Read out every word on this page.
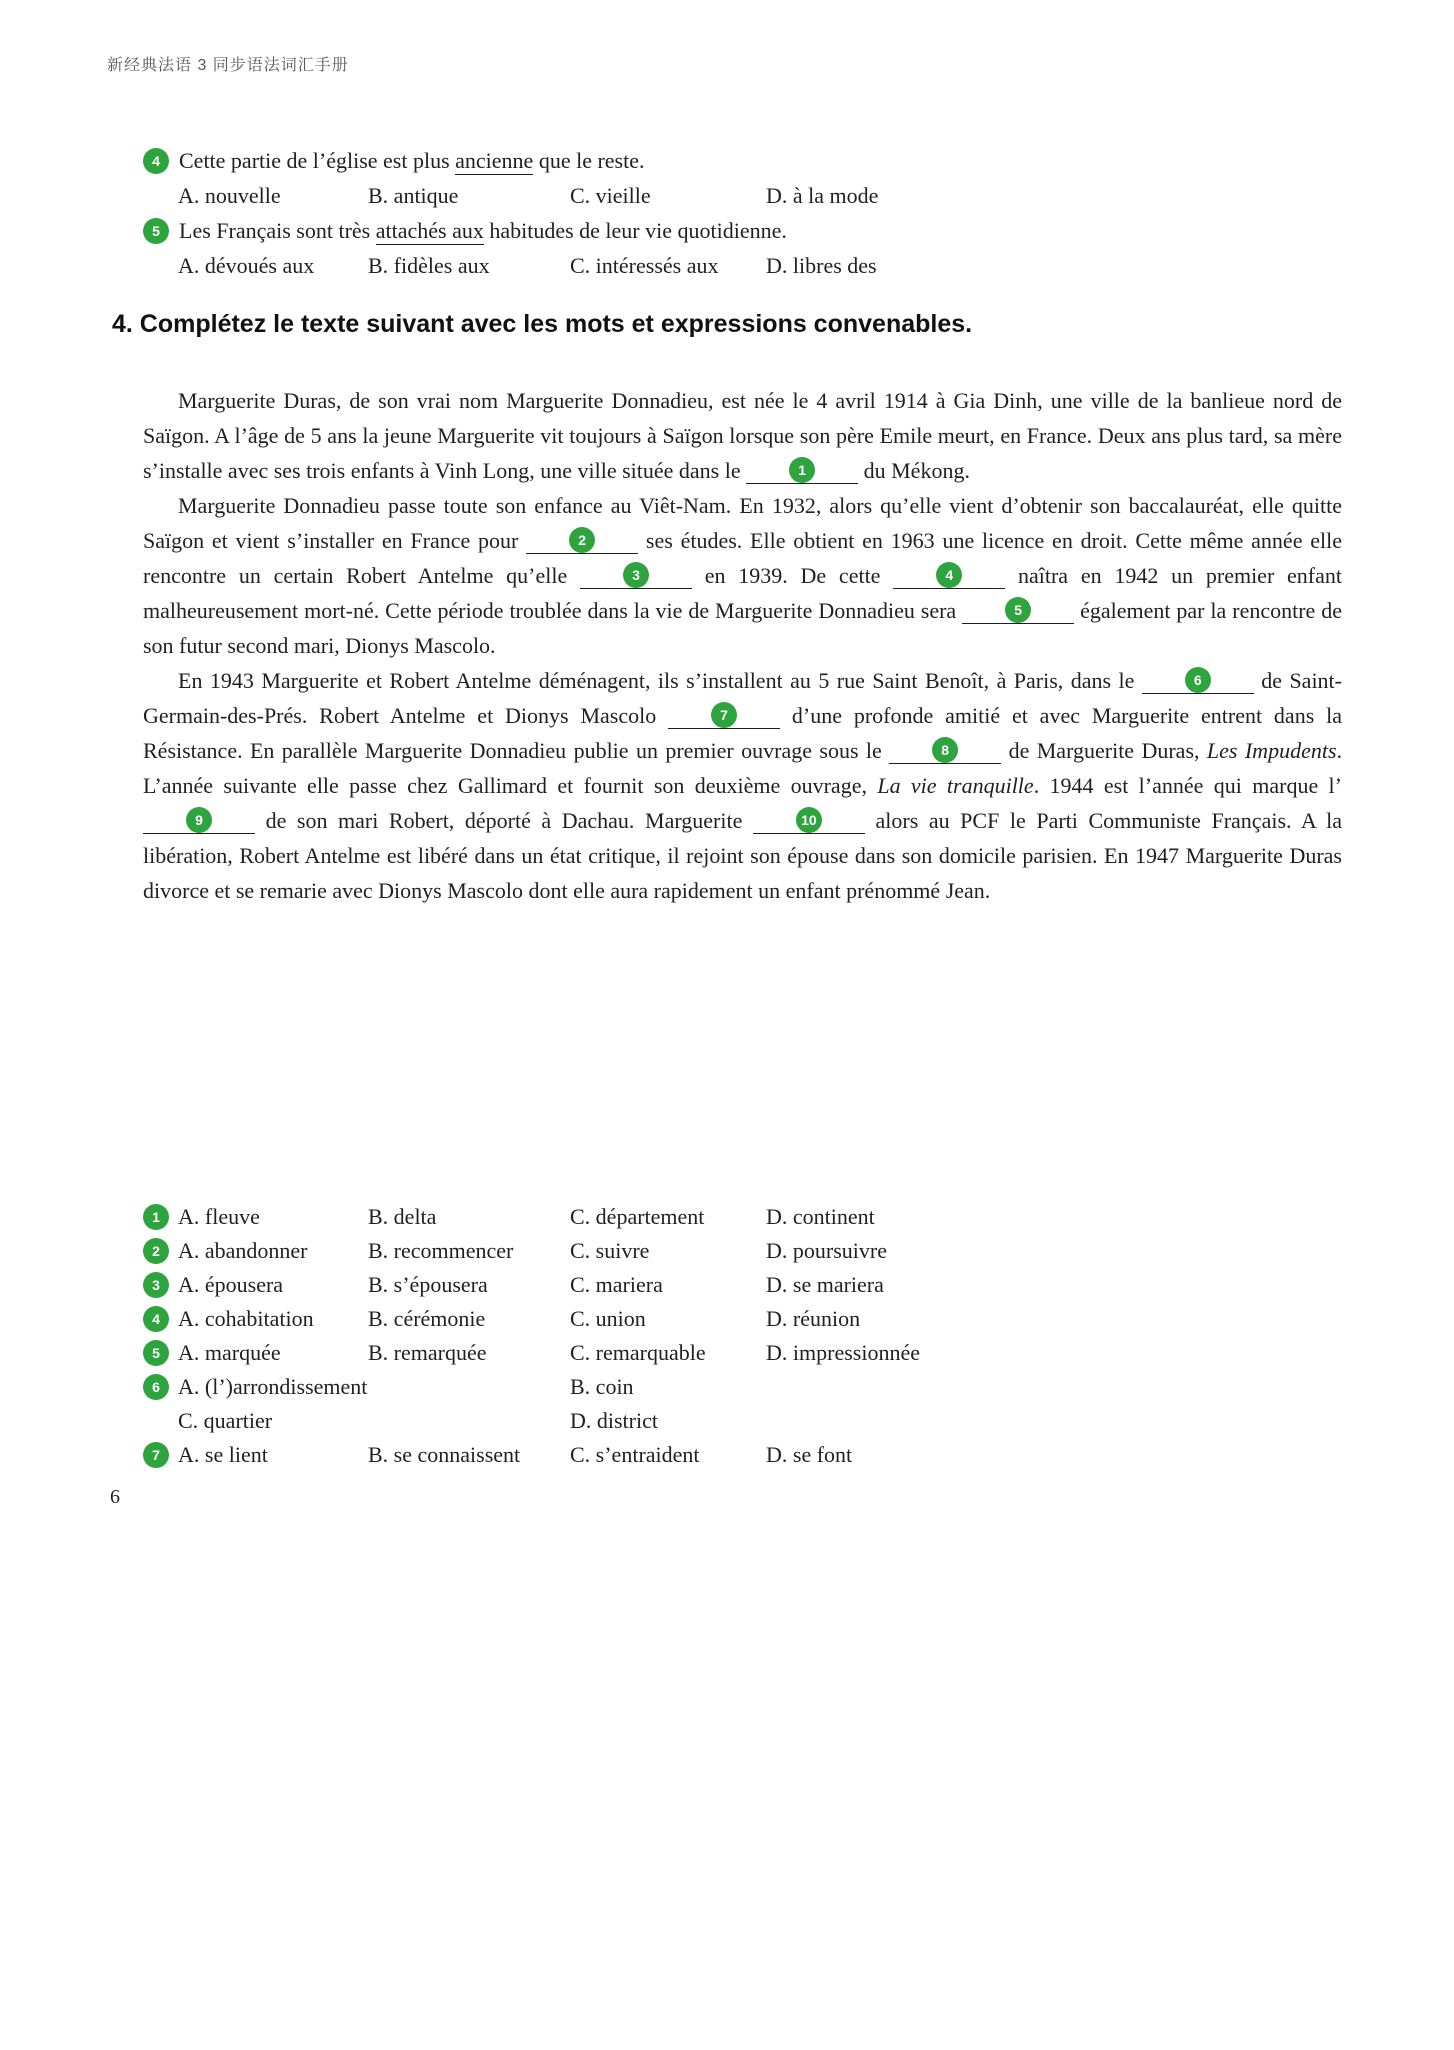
新经典法语 3 同步语法词汇手册
4 Cette partie de l’église est plus ancienne que le reste.
A. nouvelle	B. antique	C. vieille	D. à la mode
5 Les Français sont très attachés aux habitudes de leur vie quotidienne.
A. dévoués aux B. fidèles aux	C. intéressés aux D. libres des
4. Complétez le texte suivant avec les mots et expressions convenables.

Marguerite Duras, de son vrai nom Marguerite Donnadieu, est née le 4 avril 1914 à Gia Dinh, une ville de la banlieue nord de Saïgon. A l’âge de 5 ans la jeune Marguerite vit toujours à Saïgon lorsque son père Emile meurt, en France. Deux ans plus tard, sa mère s’installe avec ses trois enfants à Vinh Long, une ville située dans le	1	du Mékong.

Marguerite Donnadieu passe toute son enfance au Viêt-Nam. En 1932, alors qu’elle vient d’obtenir son baccalauréat, elle quitte Saïgon et vient s’installer en France pour	2	ses études. Elle obtient en 1963 une licence en droit. Cette même année elle rencontre un certain Robert Antelme qu’elle	3	en 1939. De cette	4	naîtra en 1942 un premier enfant malheureusement mort-né. Cette période troublée dans la vie de Marguerite Donnadieu sera	5	également par la rencontre de son futur second mari, Dionys Mascolo.

En 1943 Marguerite et Robert Antelme déménagent, ils s’installent au 5 rue Saint Benoît, à Paris, dans le	6	de Saint-Germain-des-Prés. Robert Antelme et Dionys Mascolo	7	d’une profonde amitié et avec Marguerite entrent dans la Résistance. En parallèle Marguerite Donnadieu publie un premier ouvrage sous le	8	de Marguerite Duras, Les Impudents. L’année suivante elle passe chez Gallimard et fournit son deuxième ouvrage, La vie tranquille. 1944 est l’année qui marque l’
9	de son mari Robert, déporté à Dachau. Marguerite	10 alors au PCF le Parti Communiste Français. A la libération, Robert Antelme est libéré dans un état critique, il rejoint son épouse dans son domicile parisien. En 1947 Marguerite Duras divorce et se remarie avec Dionys Mascolo dont elle aura rapidement un enfant prénommé Jean.

1 A. fleuve	B. delta	C. département	D. continent
2 A. abandonner	B. recommencer	C. suivre	D. poursuivre
3 A. épousera	B. s’épousera	C. mariera	D. se mariera
4 A. cohabitation B. cérémonie	C. union	D. réunion
5 A. marquée	B. remarquée	C. remarquable	D. impressionnée
6 A. (l’)arrondissement	B. coin
C. quartier	D. district
7 A. se lient	B. se connaissent C. s’entraident	D. se font
6
